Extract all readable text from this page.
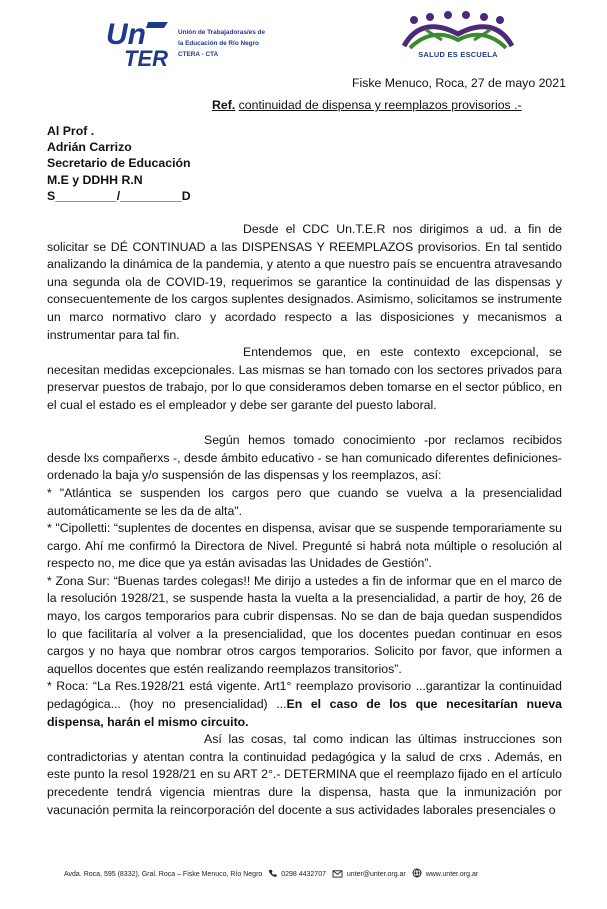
Un
TER
Unión de Trabajadoras/es de
la Educación de Río Negro
CTERA - CTA	SALUD ES ESCUELA
Fiske Menuco, Roca, 27 de mayo 2021
Ref. continuidad de dispensa y reemplazos provisorios .-
Al Prof .
Adrián Carrizo
Secretario de Educación
M.E y DDHH R.N
S_________/_________D

Desde el CDC Un.T.E.R nos dirigimos a ud. a fin de solicitar se DÉ CONTINUAD a las DISPENSAS Y REEMPLAZOS provisorios. En tal sentido analizando la dinámica de la pandemia, y atento a que nuestro país se encuentra atravesando una segunda ola de COVID-19, requerimos se garantice la continuidad de las dispensas y consecuentemente de los cargos suplentes designados. Asimismo, solicitamos se instrumente un marco normativo claro y acordado respecto a las disposiciones y mecanismos a instrumentar para tal fin.

Entendemos que, en este contexto excepcional, se necesitan medidas excepcionales. Las mismas se han tomado con los sectores privados para preservar puestos de trabajo, por lo que consideramos deben tomarse en el sector público, en el cual el estado es el empleador y debe ser garante del puesto laboral.

Según hemos tomado conocimiento -por reclamos recibidos desde lxs compañerxs -, desde ámbito educativo - se han comunicado diferentes definiciones- ordenado la baja y/o suspensión de las dispensas y los reemplazos, así:

* "Atlántica se suspenden los cargos pero que cuando se vuelva a la presencialidad automáticamente se les da de alta".

* "Cipolletti: “suplentes de docentes en dispensa, avisar que se suspende temporariamente su cargo. Ahí me confirmó la Directora de Nivel. Pregunté si habrá nota múltiple o resolución al respecto no, me dice que ya están avisadas las Unidades de Gestión”.

* Zona Sur: “Buenas tardes colegas!! Me dirijo a ustedes a fin de informar que en el marco de la resolución 1928/21, se suspende hasta la vuelta a la presencialidad, a partir de hoy, 26 de mayo, los cargos temporarios para cubrir dispensas. No se dan de baja quedan suspendidos lo que facilitaría al volver a la presencialidad, que los docentes puedan continuar en esos cargos y no haya que nombrar otros cargos temporarios. Solicito por favor, que informen a aquellos docentes que estén realizando reemplazos transitorios”.

* Roca: “La Res.1928/21 está vigente. Art1° reemplazo provisorio ...garantizar la continuidad pedagógica... (hoy no presencialidad) ...En el caso de los que necesitarían nueva dispensa, harán el mismo circuito.

Así las cosas, tal como indican las últimas instrucciones son contradictorias y atentan contra la continuidad pedagógica y la salud de crxs . Además, en este punto la resol 1928/21 en su ART 2°.- DETERMINA que el reemplazo fijado en el artículo precedente tendrá vigencia mientras dure la dispensa, hasta que la inmunización por vacunación permita la reincorporación del docente a sus actividades laborales presenciales o

Avda. Roca, 595 (8332), Gral. Roca – Fiske Menuco, Río Negro	0298 4432707	unter@unter.org.ar	www.unter.org.ar
